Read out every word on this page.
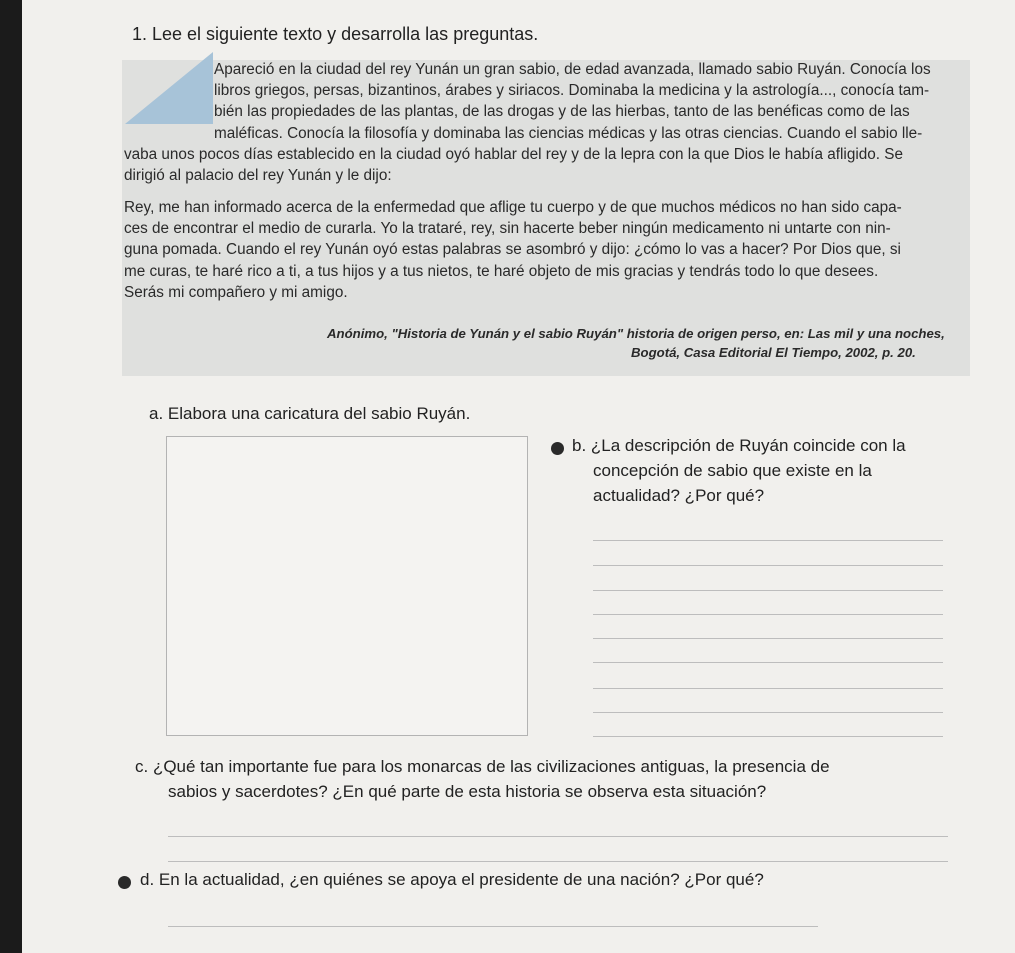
1. Lee el siguiente texto y desarrolla las preguntas.
Apareció en la ciudad del rey Yunán un gran sabio, de edad avanzada, llamado sabio Ruyán. Conocía los
libros griegos, persas, bizantinos, árabes y siriacos. Dominaba la medicina y la astrología..., conocía tam-
bién las propiedades de las plantas, de las drogas y de las hierbas, tanto de las benéficas como de las
maléficas. Conocía la filosofía y dominaba las ciencias médicas y las otras ciencias. Cuando el sabio lle-
vaba unos pocos días establecido en la ciudad oyó hablar del rey y de la lepra con la que Dios le había afligido. Se
dirigió al palacio del rey Yunán y le dijo:
Rey, me han informado acerca de la enfermedad que aflige tu cuerpo y de que muchos médicos no han sido capa-
ces de encontrar el medio de curarla. Yo la trataré, rey, sin hacerte beber ningún medicamento ni untarte con nin-
guna pomada. Cuando el rey Yunán oyó estas palabras se asombró y dijo: ¿cómo lo vas a hacer? Por Dios que, si
me curas, te haré rico a ti, a tus hijos y a tus nietos, te haré objeto de mis gracias y tendrás todo lo que desees.
Serás mi compañero y mi amigo.
Anónimo, "Historia de Yunán y el sabio Ruyán" historia de origen perso, en: Las mil y una noches,
Bogotá, Casa Editorial El Tiempo, 2002, p. 20.
a. Elabora una caricatura del sabio Ruyán.
b. ¿La descripción de Ruyán coincide con la
concepción de sabio que existe en la
actualidad? ¿Por qué?
c. ¿Qué tan importante fue para los monarcas de las civilizaciones antiguas, la presencia de
sabios y sacerdotes? ¿En qué parte de esta historia se observa esta situación?
d. En la actualidad, ¿en quiénes se apoya el presidente de una nación? ¿Por qué?
